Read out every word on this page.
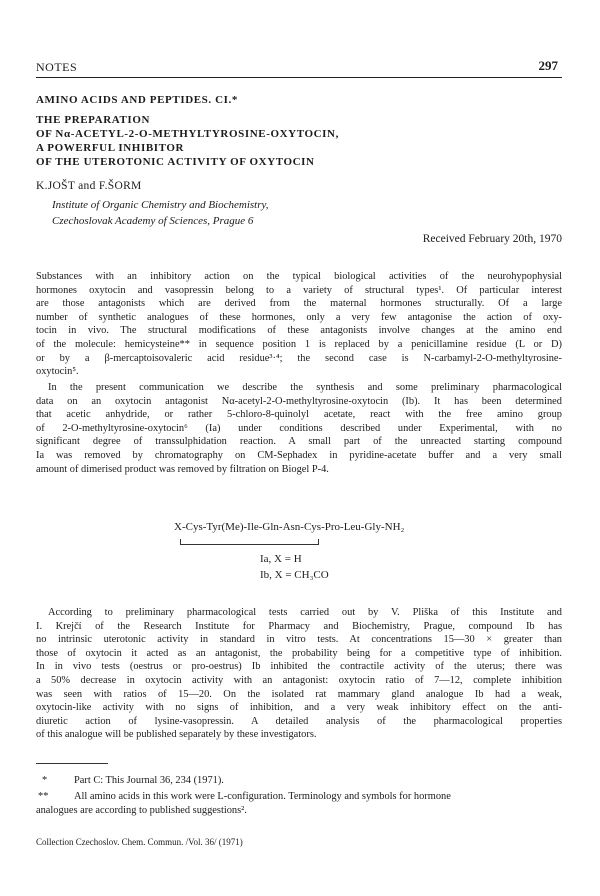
NOTES	297
AMINO ACIDS AND PEPTIDES. CI.*
THE PREPARATION
OF Nα-ACETYL-2-O-METHYLTYROSINE-OXYTOCIN,
A POWERFUL INHIBITOR
OF THE UTEROTONIC ACTIVITY OF OXYTOCIN
K.JOŠT and F.ŠORM
Institute of Organic Chemistry and Biochemistry,
Czechoslovak Academy of Sciences, Prague 6
Received February 20th, 1970
Substances with an inhibitory action on the typical biological activities of the neurohypophysial
hormones oxytocin and vasopressin belong to a variety of structural types¹. Of particular interest
are those antagonists which are derived from the maternal hormones structurally. Of a large
number of synthetic analogues of these hormones, only a very few antagonise the action of oxy-
tocin in vivo. The structural modifications of these antagonists involve changes at the amino end
of the molecule: hemicysteine** in sequence position 1 is replaced by a penicillamine residue (L or D)
or by a β-mercaptoisovaleric acid residue³·⁴; the second case is N-carbamyl-2-O-methyltyrosine-
oxytocin⁵.
In the present communication we describe the synthesis and some preliminary pharmacological
data on an oxytocin antagonist Nα-acetyl-2-O-methyltyrosine-oxytocin (Ib). It has been determined
that acetic anhydride, or rather 5-chloro-8-quinolyl acetate, react with the free amino group
of 2-O-methyltyrosine-oxytocin⁶ (Ia) under conditions described under Experimental, with no
significant degree of transsulphidation reaction. A small part of the unreacted starting compound
Ia was removed by chromatography on CM-Sephadex in pyridine-acetate buffer and a very small
amount of dimerised product was removed by filtration on Biogel P-4.
X-Cys-Tyr(Me)-Ile-Gln-Asn-Cys-Pro-Leu-Gly-NH₂
Ia, X = H
Ib, X = CH₃CO
According to preliminary pharmacological tests carried out by V. Pliška of this Institute and
I. Krejčí of the Research Institute for Pharmacy and Biochemistry, Prague, compound Ib has
no intrinsic uterotonic activity in standard in vitro tests. At concentrations 15—30 × greater than
those of oxytocin it acted as an antagonist, the probability being for a competitive type of inhibition.
In in vivo tests (oestrus or pro-oestrus) Ib inhibited the contractile activity of the uterus; there was
a 50% decrease in oxytocin activity with an antagonist: oxytocin ratio of 7—12, complete inhibition
was seen with ratios of 15—20. On the isolated rat mammary gland analogue Ib had a weak,
oxytocin-like activity with no signs of inhibition, and a very weak inhibitory effect on the anti-
diuretic action of lysine-vasopressin. A detailed analysis of the pharmacological properties
of this analogue will be published separately by these investigators.
*	Part C: This Journal 36, 234 (1971).
** All amino acids in this work were L-configuration. Terminology and symbols for hormone
analogues are according to published suggestions².
Collection Czechoslov. Chem. Commun. /Vol. 36/ (1971)
